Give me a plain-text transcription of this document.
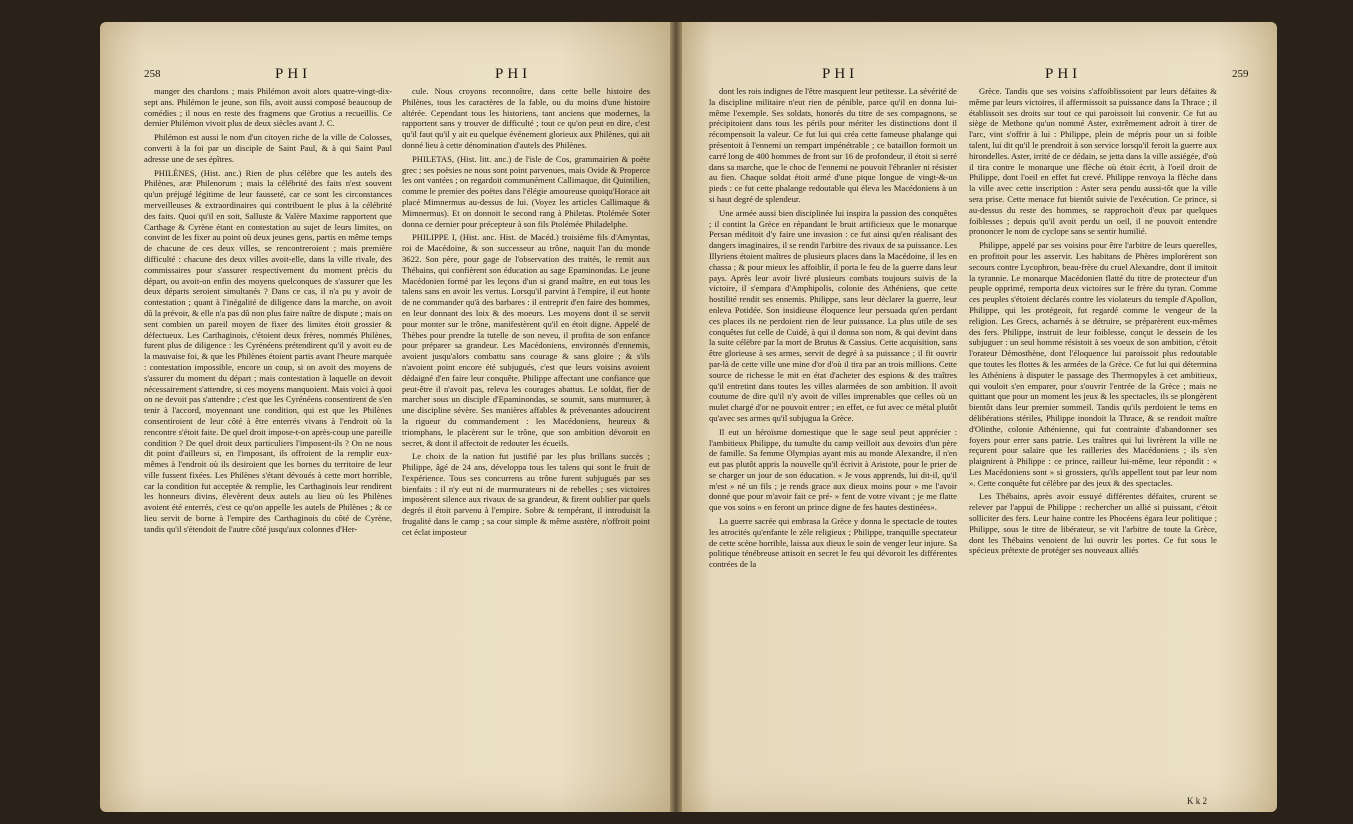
258	PHI	PHI

manger des chardons ; mais Philémon avoit alors quatre-vingt-dix-sept ans. Philémon le jeune, son fils, avoit aussi composé beaucoup de comédies ; il nous en reste des fragmens que Grotius a recueillis. Ce dernier Philémon vivoit plus de deux siècles avant J. C.

Philémon est aussi le nom d'un citoyen riche de la ville de Colosses, converti à la foi par un disciple de Saint Paul, & à qui Saint Paul adresse une de ses épîtres.

PHILÈNES, (Hist. anc.) Rien de plus célèbre que les autels des Philènes, aræ Philenorum ; mais la célébrité des faits n'est souvent qu'un préjugé légitime de leur fausseté, car ce sont les circonstances merveilleuses & extraordinaires qui contribuent le plus à la célébrité des faits. Quoi qu'il en soit, Salluste & Valère Maxime rapportent que Carthage & Cyrène étant en contestation au sujet de leurs limites, on convint de les fixer au point où deux jeunes gens, partis en même temps de chacune de ces deux villes, se rencontreroient ; mais première difficulté : chacune des deux villes avoit-elle, dans la ville rivale, des commissaires pour s'assurer respectivement du moment précis du départ, ou avoit-on enfin des moyens quelconques de s'assurer que les deux départs seroient simultanés ? Dans ce cas, il n'a pu y avoir de contestation ; quant à l'inégalité de diligence dans la marche, on avoit dû la prévoir, & elle n'a pas dû non plus faire naître de dispute ; mais on sent combien un pareil moyen de fixer des limites étoit grossier & défectueux. Les Carthaginois, c'étoient deux frères, nommés Philènes, furent plus de diligence : les Cyrénéens prétendirent qu'il y avoit eu de la mauvaise foi, & que les Philènes étoient partis avant l'heure marquée : contestation impossible, encore un coup, si on avoit des moyens de s'assurer du moment du départ ; mais contestation à laquelle on devoit nécessairement s'attendre, si ces moyens manquoient. Mais voici à quoi on ne devoit pas s'attendre ; c'est que les Cyrénéens consentirent de s'en tenir à l'accord, moyennant une condition, qui est que les Philènes consentiroient de leur côté à être enterrés vivans à l'endroit où la rencontre s'étoit faite. De quel droit impose-t-on après-coup une pareille condition ? De quel droit deux particuliers l'imposent-ils ? On ne nous dit point d'ailleurs si, en l'imposant, ils offroient de la remplir eux-mêmes à l'endroit où ils desiroient que les bornes du territoire de leur ville fussent fixées. Les Philènes s'étant dévoués à cette mort horrible, car la condition fut acceptée & remplie, les Carthaginois leur rendirent les honneurs divins, élevèrent deux autels au lieu où les Philènes avoient été enterrés, c'est ce qu'on appelle les autels de Philènes ; & ce lieu servit de borne à l'empire des Carthaginois du côté de Cyrène, tandis qu'il s'étendoit de l'autre côté jusqu'aux colonnes d'Her-

cule. Nous croyons reconnoître, dans cette belle histoire des Philènes, tous les caractères de la fable, ou du moins d'une histoire altérée. Cependant tous les historiens, tant anciens que modernes, la rapportent sans y trouver de difficulté ; tout ce qu'on peut en dire, c'est qu'il faut qu'il y ait eu quelque événement glorieux aux Philènes, qui ait donné lieu à cette dénomination d'autels des Philènes.

PHILETAS, (Hist. litt. anc.) de l'isle de Cos, grammairien & poëte grec ; ses poësies ne nous sont point parvenues, mais Ovide & Properce les ont vantées ; on regardoit communément Callimaque, dit Quintilien, comme le premier des poëtes dans l'élégie amoureuse quoiqu'Horace ait placé Mimnermus au-dessus de lui. (Voyez les articles Callimaque & Mimnermus). Et on donnoit le second rang à Philetas. Ptolémée Soter donna ce dernier pour précepteur à son fils Ptolémée Philadelphe.

PHILIPPE I, (Hist. anc. Hist. de Macéd.) troisième fils d'Amyntas, roi de Macédoine, & son successeur au trône, naquit l'an du monde 3622. Son père, pour gage de l'observation des traités, le remit aux Thébains, qui confièrent son éducation au sage Epaminondas. Le jeune Macédonien formé par les leçons d'un si grand maître, en eut tous les talens sans en avoir les vertus. Lorsqu'il parvint à l'empire, il eut honte de ne commander qu'à des barbares : il entreprit d'en faire des hommes, en leur donnant des loix & des moeurs. Les moyens dont il se servit pour monter sur le trône, manifestèrent qu'il en étoit digne. Appelé de Thèbes pour prendre la tutelle de son neveu, il profita de son enfance pour préparer sa grandeur. Les Macédoniens, environnés d'ennemis, avoient jusqu'alors combattu sans courage & sans gloire ; & s'ils n'avoient point encore été subjugués, c'est que leurs voisins avoient dédaigné d'en faire leur conquête. Philippe affectant une confiance que peut-être il n'avoit pas, releva les courages abattus. Le soldat, fier de marcher sous un disciple d'Epaminondas, se soumit, sans murmurer, à une discipline sévère. Ses manières affables & prévenantes adoucirent la rigueur du commandement : les Macédoniens, heureux & triomphans, le placèrent sur le trône, que son ambition dévoroit en secret, & dont il affectoit de redouter les écueils.

Le choix de la nation fut justifié par les plus brillans succès ; Philippe, âgé de 24 ans, développa tous les talens qui sont le fruit de l'expérience. Tous ses concurrens au trône furent subjugués par ses bienfaits : il n'y eut ni de murmurateurs ni de rebelles ; ses victoires imposèrent silence aux rivaux de sa grandeur, & firent oublier par quels degrés il étoit parvenu à l'empire. Sobre & tempérant, il introduisit la frugalité dans le camp ; sa cour simple & même austère, n'offroit point cet éclat imposteur

PHI	PHI	259

dont les rois indignes de l'être masquent leur petitesse. La sévérité de la discipline militaire n'eut rien de pénible, parce qu'il en donna lui-même l'exemple. Ses soldats, honorés du titre de ses compagnons, se précipitoient dans tous les périls pour mériter les distinctions dont il récompensoit la valeur. Ce fut lui qui créa cette fameuse phalange qui présentoit à l'ennemi un rempart impénétrable ; ce bataillon formoit un carré long de 400 hommes de front sur 16 de profondeur, il étoit si serré dans sa marche, que le choc de l'ennemi ne pouvoit l'ébranler ni résister au fien. Chaque soldat étoit armé d'une pique longue de vingt-&-un pieds : ce fut cette phalange redoutable qui éleva les Macédoniens à un si haut degré de splendeur.

Une armée aussi bien disciplinée lui inspira la passion des conquêtes ; il contint la Grèce en répandant le bruit artificieux que le monarque Persan méditoit d'y faire une invasion : ce fut ainsi qu'en réalisant des dangers imaginaires, il se rendit l'arbitre des rivaux de sa puissance. Les Illyriens étoient maîtres de plusieurs places dans la Macédoine, il les en chassa ; & pour mieux les affoiblir, il porta le feu de la guerre dans leur pays. Après leur avoir livré plusieurs combats toujours suivis de la victoire, il s'empara d'Amphipolis, colonie des Athéniens, que cette hostilité rendit ses ennemis. Philippe, sans leur déclarer la guerre, leur enleva Potidée. Son insidieuse éloquence leur persuada qu'en perdant ces places ils ne perdoient rien de leur puissance. La plus utile de ses conquêtes fut celle de Cuidé, à qui il donna son nom, & qui devint dans la suite célèbre par la mort de Brutus & Cassius. Cette acquisition, sans être glorieuse à ses armes, servit de degré à sa puissance ; il fit ouvrir par-là de cette ville une mine d'or d'où il tira par an trois millions. Cette source de richesse le mit en état d'acheter des espions & des traîtres qu'il entretint dans toutes les villes alarmées de son ambition. Il avoit coutume de dire qu'il n'y avoit de villes imprenables que celles où un mulet chargé d'or ne pouvoit entrer ; en effet, ce fut avec ce métal plutôt qu'avec ses armes qu'il subjugua la Grèce.

Il eut un héroïsme domestique que le sage seul peut apprécier : l'ambitieux Philippe, du tumulte du camp veilloit aux devoirs d'un père de famille. Sa femme Olympias ayant mis au monde Alexandre, il n'en eut pas plutôt appris la nouvelle qu'il écrivit à Aristote, pour le prier de se charger un jour de son éducation. « Je vous apprends, lui dit-il, qu'il m'est » né un fils ; je rends grace aux dieux moins pour » me l'avoir donné que pour m'avoir fait ce pré- » fent de votre vivant ; je me flatte que vos soins » en feront un prince digne de fes hautes destinées».

La guerre sacrée qui embrasa la Grèce y donna le spectacle de toutes les atrocités qu'enfante le zèle religieux ; Philippe, tranquille spectateur de cette scène horrible, laissa aux dieux le soin de venger leur injure. Sa politique ténébreuse attisoit en secret le feu qui dévoroit les différentes contrées de la

Grèce. Tandis que ses voisins s'affoiblissoient par leurs défaites & même par leurs victoires, il affermissoit sa puissance dans la Thrace ; il établissoit ses droits sur tout ce qui paroissoit lui convenir. Ce fut au siège de Methone qu'un nommé Aster, extrêmement adroit à tirer de l'arc, vint s'offrir à lui : Philippe, plein de mépris pour un si foible talent, lui dit qu'il le prendroit à son service lorsqu'il feroit la guerre aux hirondelles. Aster, irrité de ce dédain, se jetta dans la ville assiégée, d'où il tira contre le monarque une flèche où étoit écrit, à l'oeil droit de Philippe, dont l'oeil en effet fut crevé. Philippe renvoya la flèche dans la ville avec cette inscription : Aster sera pendu aussi-tôt que la ville sera prise. Cette menace fut bientôt suivie de l'exécution. Ce prince, si au-dessus du reste des hommes, se rapprochoit d'eux par quelques foiblesses ; depuis qu'il avoit perdu un oeil, il ne pouvoit entendre prononcer le nom de cyclope sans se sentir humilié.

Philippe, appelé par ses voisins pour être l'arbitre de leurs querelles, en profitoit pour les asservir. Les habitans de Phères implorèrent son secours contre Lycophron, beau-frère du cruel Alexandre, dont il imitoit la tyrannie. Le monarque Macédonien flatté du titre de protecteur d'un peuple opprimé, remporta deux victoires sur le frère du tyran. Comme ces peuples s'étoient déclarés contre les violateurs du temple d'Apollon, Philippe, qui les protégeoit, fut regardé comme le vengeur de la religion. Les Grecs, acharnés à se détruire, se préparèrent eux-mêmes des fers. Philippe, instruit de leur foiblesse, conçut le dessein de les subjuguer : un seul homme résistoit à ses voeux de son ambition, c'étoit l'orateur Démosthène, dont l'éloquence lui paroissoit plus redoutable que toutes les flottes & les armées de la Grèce. Ce fut lui qui détermina les Athéniens à disputer le passage des Thermopyles à cet ambitieux, qui vouloit s'en emparer, pour s'ouvrir l'entrée de la Grèce ; mais ne quittant que pour un moment les jeux & les spectacles, ils se plongèrent bientôt dans leur premier sommeil. Tandis qu'ils perdoient le tems en délibérations stériles, Philippe inondoit la Thrace, & se rendoit maître d'Olinthe, colonie Athénienne, qui fut contrainte d'abandonner ses foyers pour errer sans patrie. Les traîtres qui lui livrèrent la ville ne reçurent pour salaire que les railleries des Macédoniens ; ils s'en plaignirent à Philippe : ce prince, railleur lui-même, leur répondit : « Les Macédoniens sont » si grossiers, qu'ils appellent tout par leur nom ». Cette conquête fut célèbre par des jeux & des spectacles.

Les Thébains, après avoir essuyé différentes défaites, crurent se relever par l'appui de Philippe : rechercher un allié si puissant, c'étoit solliciter des fers. Leur haine contre les Phocéens égara leur politique ; Philippe, sous le titre de libérateur, se vit l'arbitre de toute la Grèce, dont les Thébains venoient de lui ouvrir les portes. Ce fut sous le spécieux prétexte de protéger ses nouveaux alliés

K k 2
